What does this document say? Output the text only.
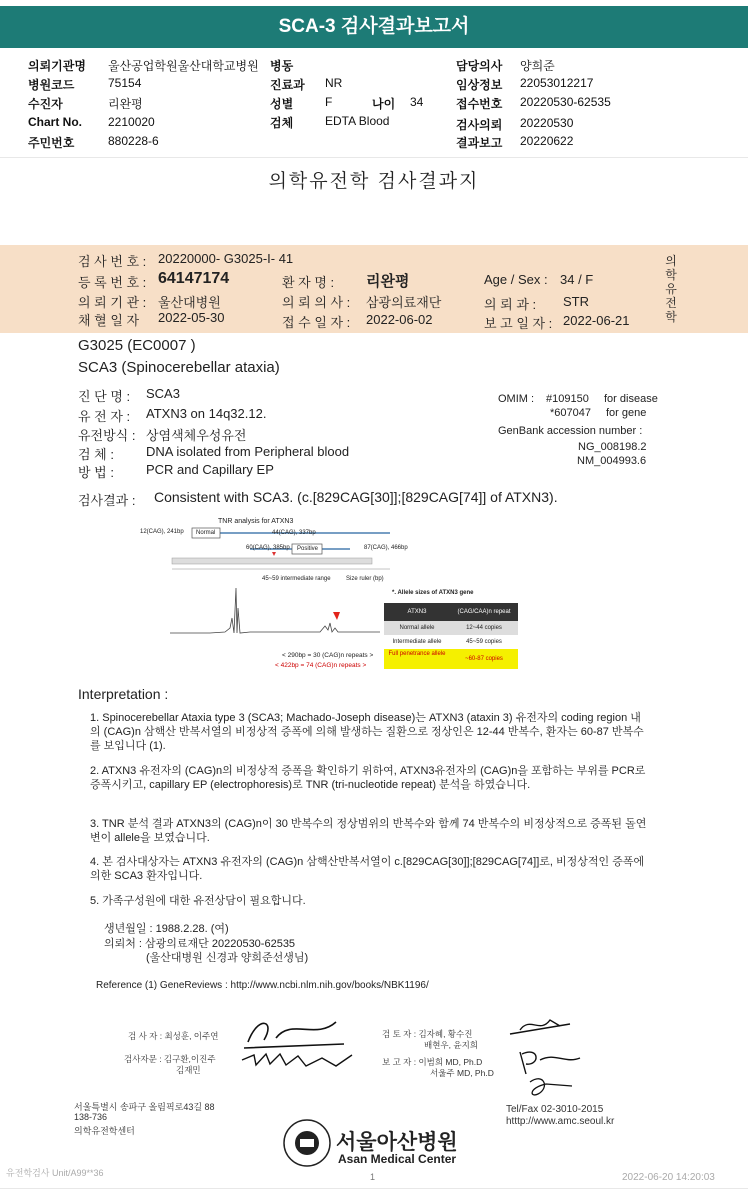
SCA-3 검사결과보고서
의뢰기관명 울산공업학원울산대학교병원
병원코드	75154
수진자	리완평
Chart No. 2210020
주민번호	880228-6
병동
진료과 NR
성별	F	나이 34
검체	EDTA Blood
담당의사 양희준
임상정보 22053012217
접수번호 20220530-62535
검사의뢰 20220530
결과보고 20220622
의학유전학 검사결과지
검 사 번 호 : 20220000- G3025-I- 41
등 록 번 호 : 64147174	환 자 명 : 리완평	Age / Sex : 34 / F
의 뢰 기 관 : 울산대병원	의 뢰 의 사 : 삼광의료재단	의 뢰 과 : STR
채 혈 일 자 2022-05-30	접 수 일 자 : 2022-06-02	보 고 일 자 : 2022-06-21
의학유전학
G3025 (EC0007 )
SCA3 (Spinocerebellar ataxia)
진 단 명 : SCA3
유 전 자 : ATXN3 on 14q32.12.
유전방식 : 상염색체우성유전
검 체 : DNA isolated from Peripheral blood
방 법 : PCR and Capillary EP
OMIM : #109150 for disease
*607047 for gene
GenBank accession number :
NG_008198.2
NM_004993.6
검사결과 : Consistent with SCA3. (c.[829CAG[30]];[829CAG[74]] of ATXN3).
TNR analysis for ATXN3
12(CAG), 241bp Normal	44(CAG), 337bp
60(CAG), 385bp Positive	87(CAG), 466bp
45~59 intermediate range	Size ruler (bp)
< 290bp = 30 (CAG)n repeats >
< 422bp = 74 (CAG)n repeats >
*. Allele sizes of ATXN3 gene
ATXN3	(CAG/CAA)n repeat
Normal allele	12~44 copies
Intermediate allele	45~59 copies
Full penetrance allele
~60-87 copies
Interpretation :
1. Spinocerebellar Ataxia type 3 (SCA3; Machado-Joseph disease)는 ATXN3 (ataxin 3) 유전자의 coding region 내의 (CAG)n 삼핵산 반복서열의 비정상적 증폭에 의해 발생하는 질환으로 정상인은 12-44 반복수, 환자는 60-87 반복수를 보입니다 (1).
2. ATXN3 유전자의 (CAG)n의 비정상적 증폭을 확인하기 위하여, ATXN3유전자의 (CAG)n을 포함하는 부위를 PCR로 증폭시키고, capillary EP (electrophoresis)로 TNR (tri-nucleotide repeat) 분석을 하였습니다.
3. TNR 분석 결과 ATXN3의 (CAG)n이 30 반복수의 정상범위의 반복수와 함께 74 반복수의 비정상적으로 증폭된 돌연변이 allele을 보였습니다.
4. 본 검사대상자는 ATXN3 유전자의 (CAG)n 삼핵산반복서열이 c.[829CAG[30]];[829CAG[74]]로, 비정상적인 증폭에 의한 SCA3 환자입니다.
5. 가족구성원에 대한 유전상담이 필요합니다.
생년월일 : 1988.2.28. (여)
의뢰처 : 삼광의료재단 20220530-62535
(울산대병원 신경과 양희준선생님)
Reference (1) GeneReviews : http://www.ncbi.nlm.nih.gov/books/NBK1196/
검 사 자 : 최성훈, 이주연	검 토 자 : 김자혜, 황수진
배현우, 윤지희
검사자문 : 김구환,이진주
김재민
보 고 자 : 이범희 MD, Ph.D
서울주 MD, Ph.D
서울특별시 송파구 올림픽로43길 88
138-736
의학유전학센터
Tel/Fax 02-3010-2015
htttp://www.amc.seoul.kr
서울아산병원
Asan Medical Center
유전학검사 Unit/A99**36	1	2022-06-20 14:20:03
